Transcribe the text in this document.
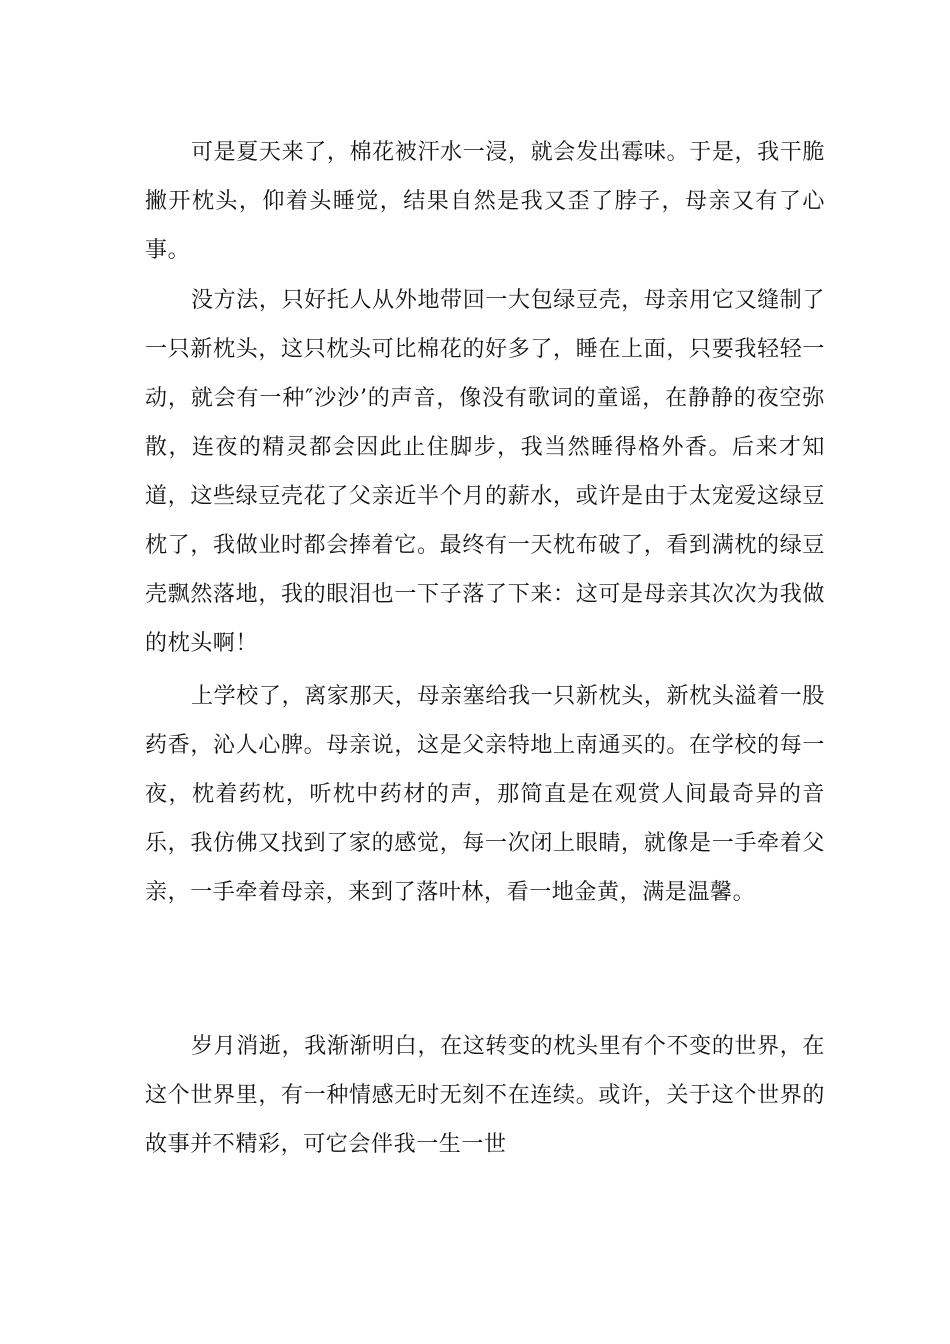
可是夏天来了，棉花被汗水一浸，就会发出霉味。于是，我干脆撇开枕头，仰着头睡觉，结果自然是我又歪了脖子，母亲又有了心事。

没方法，只好托人从外地带回一大包绿豆壳，母亲用它又缝制了一只新枕头，这只枕头可比棉花的好多了，睡在上面，只要我轻轻一动，就会有一种″沙沙’的声音，像没有歌词的童谣，在静静的夜空弥散，连夜的精灵都会因此止住脚步，我当然睡得格外香。后来才知道，这些绿豆壳花了父亲近半个月的薪水，或许是由于太宠爱这绿豆枕了，我做业时都会捧着它。最终有一天枕布破了，看到满枕的绿豆壳飘然落地，我的眼泪也一下子落了下来：这可是母亲其次次为我做的枕头啊！

上学校了，离家那天，母亲塞给我一只新枕头，新枕头溢着一股药香，沁人心脾。母亲说，这是父亲特地上南通买的。在学校的每一夜，枕着药枕，听枕中药材的声，那简直是在观赏人间最奇异的音乐，我仿佛又找到了家的感觉，每一次闭上眼睛，就像是一手牵着父亲，一手牵着母亲，来到了落叶林，看一地金黄，满是温馨。

岁月消逝，我渐渐明白，在这转变的枕头里有个不变的世界，在这个世界里，有一种情感无时无刻不在连续。或许，关于这个世界的故事并不精彩，可它会伴我一生一世
